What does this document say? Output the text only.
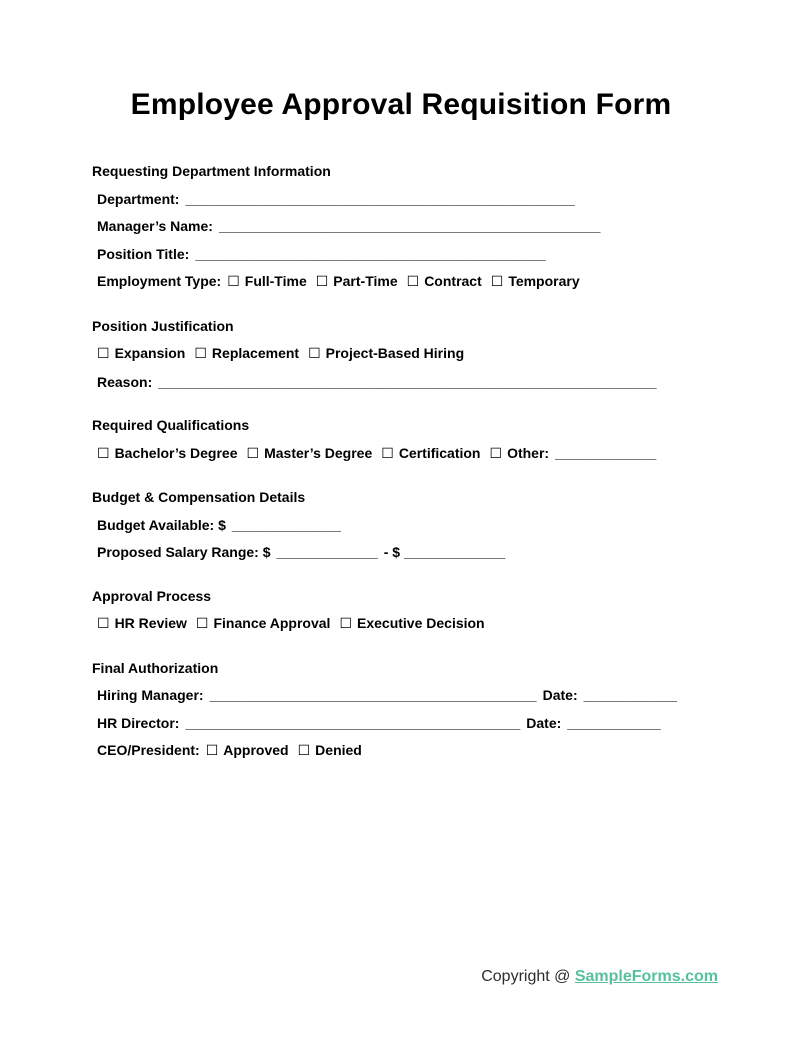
Employee Approval Requisition Form
Requesting Department Information
Department: __________________________________________________
Manager’s Name: _________________________________________________
Position Title: _____________________________________________
Employment Type: ☐ Full-Time ☐ Part-Time ☐ Contract ☐ Temporary
Position Justification
☐ Expansion ☐ Replacement ☐ Project-Based Hiring
Reason: ________________________________________________________________
Required Qualifications
☐ Bachelor’s Degree ☐ Master’s Degree ☐ Certification ☐ Other: _____________
Budget & Compensation Details
Budget Available: $ ______________
Proposed Salary Range: $ _____________ - $ _____________
Approval Process
☐ HR Review ☐ Finance Approval ☐ Executive Decision
Final Authorization
Hiring Manager: __________________________________________ Date: ____________
HR Director: ___________________________________________ Date: ____________
CEO/President: ☐ Approved ☐ Denied
Copyright @ SampleForms.com
